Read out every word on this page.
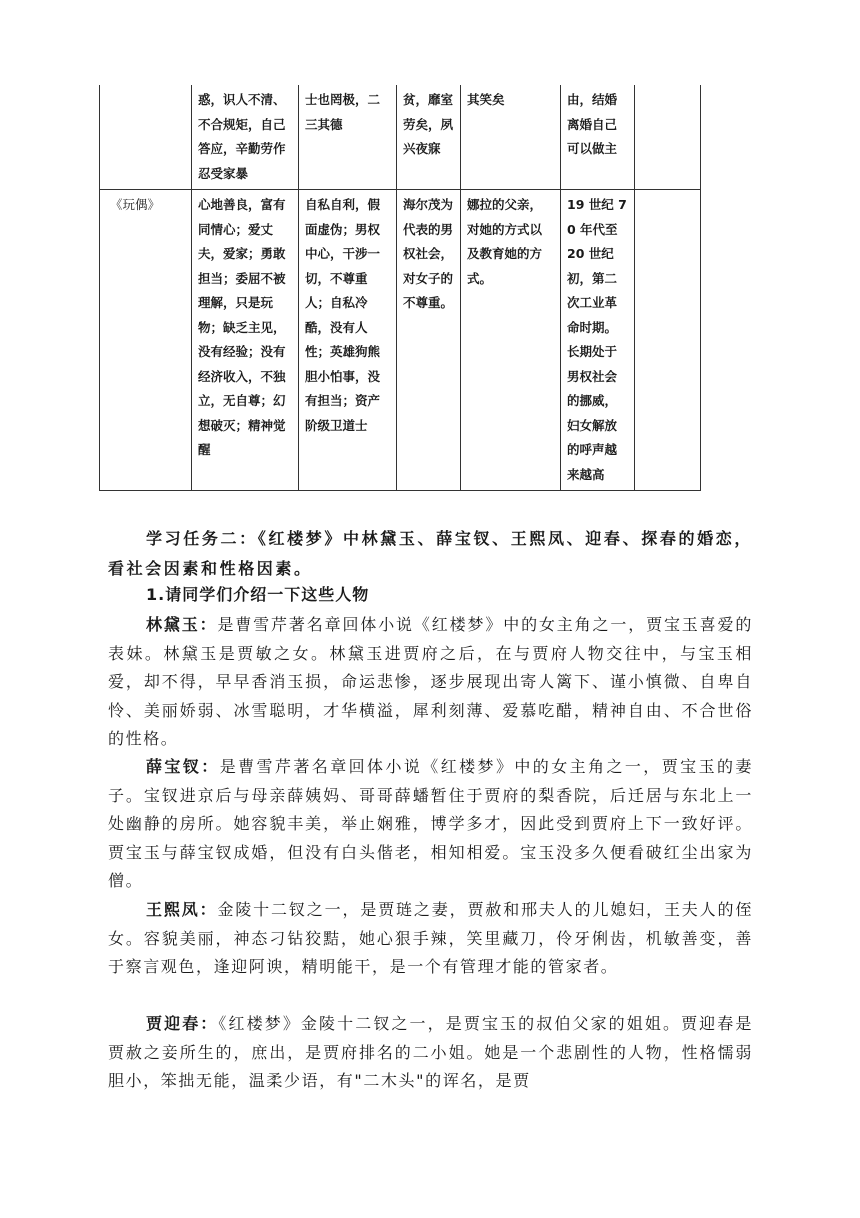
	惑，识人不清、不合规矩，自己答应，辛勤劳作 忍受家暴	士也罔极，二三其德	贫，靡室劳矣，夙兴夜寐	其笑矣	由，结婚离婚自己可以做主	
《玩偶》	心地善良，富有同情心；爱丈夫，爱家；勇敢担当；委屈不被理解，只是玩物；缺乏主见，没有经验；没有经济收入，不独立，无自尊；幻想破灭；精神觉醒	自私自利，假面虚伪；男权中心，干涉一切，不尊重人；自私冷酷，没有人性；英雄狗熊胆小怕事，没有担当；资产阶级卫道士	海尔茂为代表的男权社会，对女子的不尊重。	娜拉的父亲，对她的方式以及教育她的方式。	19 世纪 70 年代至 20 世纪初，第二次工业革命时期。长期处于男权社会的挪威，妇女解放的呼声越来越高	

学习任务二：《红楼梦》中林黛玉、薛宝钗、王熙凤、迎春、探春的婚恋，看社会因素和性格因素。

1.请同学们介绍一下这些人物

林黛玉：是曹雪芹著名章回体小说《红楼梦》中的女主角之一，贾宝玉喜爱的表妹。林黛玉是贾敏之女。林黛玉进贾府之后，在与贾府人物交往中，与宝玉相爱，却不得，早早香消玉损，命运悲惨，逐步展现出寄人篱下、谨小慎微、自卑自怜、美丽娇弱、冰雪聪明，才华横溢，犀利刻薄、爱慕吃醋，精神自由、不合世俗的性格。

薛宝钗：是曹雪芹著名章回体小说《红楼梦》中的女主角之一，贾宝玉的妻子。宝钗进京后与母亲薛姨妈、哥哥薛蟠暂住于贾府的梨香院，后迁居与东北上一处幽静的房所。她容貌丰美，举止娴雅，博学多才，因此受到贾府上下一致好评。贾宝玉与薛宝钗成婚，但没有白头偕老，相知相爱。宝玉没多久便看破红尘出家为僧。

王熙凤：金陵十二钗之一，是贾琏之妻，贾赦和邢夫人的儿媳妇，王夫人的侄女。容貌美丽，神态刁钻狡黠，她心狠手辣，笑里藏刀，伶牙俐齿，机敏善变，善于察言观色，逢迎阿谀，精明能干，是一个有管理才能的管家者。

贾迎春：《红楼梦》金陵十二钗之一，是贾宝玉的叔伯父家的姐姐。贾迎春是贾赦之妾所生的，庶出，是贾府排名的二小姐。她是一个悲剧性的人物，性格懦弱胆小，笨拙无能，温柔少语，有"二木头"的诨名，是贾
